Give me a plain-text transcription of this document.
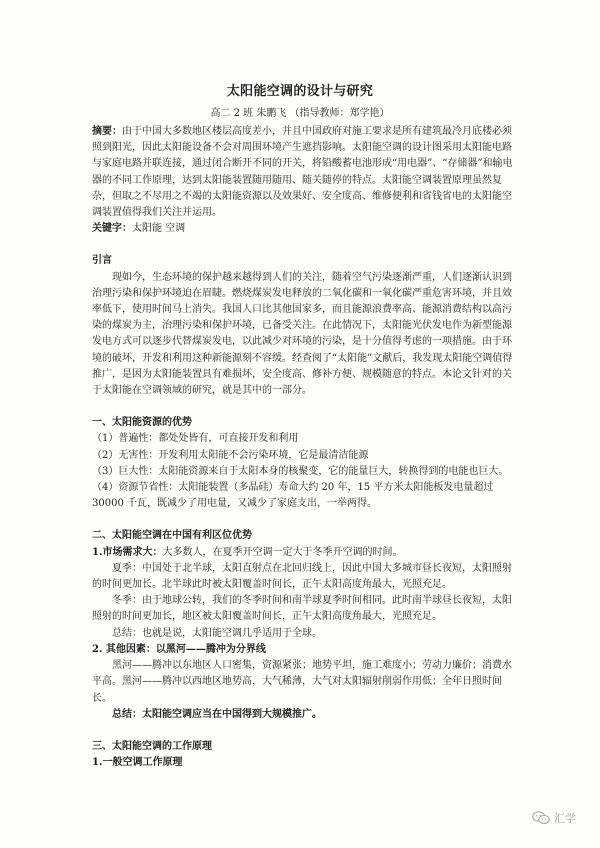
太阳能空调的设计与研究
高二 2 班 朱鹏飞 （指导教师：郑学艳）

摘要：由于中国大多数地区楼层高度差小，并且中国政府对施工要求是所有建筑最冷月底楼必须照到阳光，因此太阳能设备不会对周围环境产生遮挡影响。太阳能空调的设计图采用太阳能电路与家庭电路并联连接，通过闭合断开不同的开关，将铅酸蓄电池形成“用电器”、“存储器”和输电器的不同工作原理，达到太阳能装置随用随用、随关随停的特点。太阳能空调装置原理虽然复杂，但取之不尽用之不竭的太阳能资源以及效果好、安全度高、维修便利和省钱省电的太阳能空调装置值得我们关注并运用。

关键字：太阳能 空调

引言

现如今，生态环境的保护越来越得到人们的关注，随着空气污染逐渐严重，人们逐渐认识到治理污染和保护环境迫在眉睫。燃烧煤炭发电释放的二氧化碳和一氧化碳严重危害环境，并且效率低下，使用时间马上消失。我国人口比其他国家多，而且能源浪费率高、能源消费结构以高污染的煤炭为主，治理污染和保护环境，已备受关注。在此情况下，太阳能光伏发电作为新型能源发电方式可以逐步代替煤炭发电，以此减少对环境的污染，是十分值得考虑的一项措施。由于环境的破坏，开发和利用这种新能源刻不容缓。经查阅了“太阳能”文献后，我发现太阳能空调值得推广，是因为太阳能装置具有难损坏，安全度高、修补方便、规模随意的特点。本论文针对的关于太阳能在空调领域的研究，就是其中的一部分。

一、太阳能资源的优势

（1）普遍性：都处处皆有，可直接开发和利用

（2）无害性：开发利用太阳能不会污染环境，它是最清洁能源

（3）巨大性：太阳能资源来自于太阳本身的核聚变，它的能量巨大，转换得到的电能也巨大。

（4）资源节省性：太阳能装置（多晶硅）寿命大约 20 年，15 平方米太阳能板发电量超过 30000 千瓦，既减少了用电量，又减少了家庭支出，一举两得。

二、太阳能空调在中国有利区位优势

1.市场需求大：大多数人，在夏季开空调一定大于冬季开空调的时间。

夏季：中国处于北半球，太阳直射点在北回归线上，因此中国大多城市昼长夜短，太阳照射的时间更加长。北半球此时被太阳覆盖时间长，正午太阳高度角最大，光照充足。

冬季：由于地球公转，我们的冬季时间和南半球夏季时间相同。此时南半球昼长夜短，太阳照射的时间更加长，地区被太阳覆盖时间长，正午太阳高度角最大，光照充足。

总结：也就是说，太阳能空调几乎适用于全球。

2. 其他因素：以黑河——腾冲为分界线

黑河——腾冲以东地区人口密集，资源紧张；地势平坦，施工难度小；劳动力廉价；消费水平高。黑河——腾冲以西地区地势高，大气稀薄，大气对太阳辐射削弱作用低；全年日照时间长。

总结：太阳能空调应当在中国得到大规模推广。

三、太阳能空调的工作原理

1.一般空调工作原理

汇学
